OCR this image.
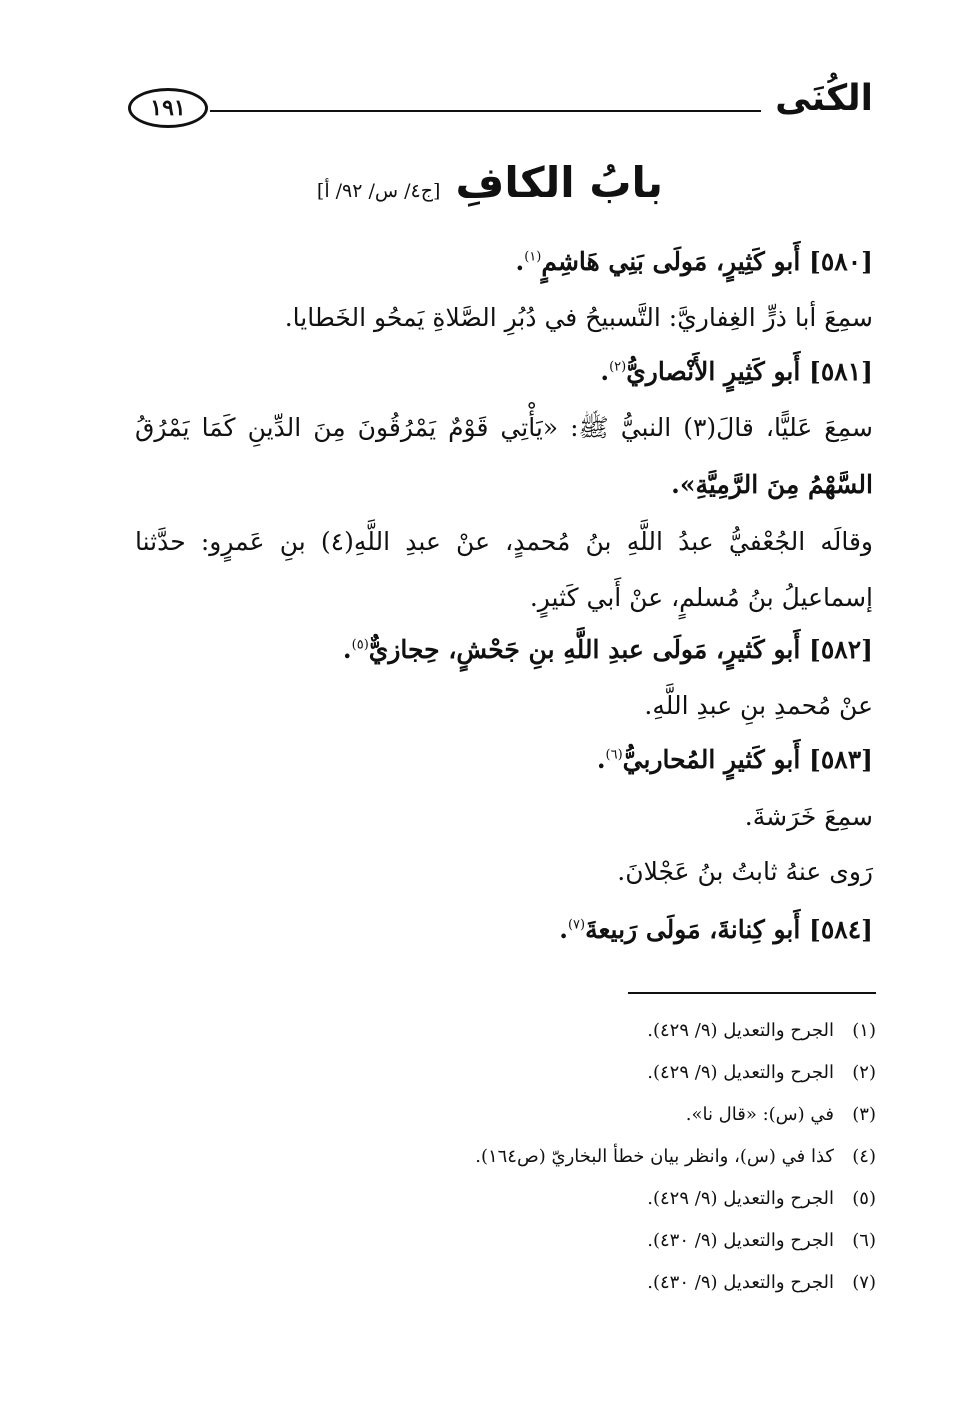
١٩١	الكُنَى
بابُ الكافِ [ج٤/ س/ ٩٢/ أ]
[٥٨٠] أَبو كَثِيرٍ، مَولَى بَنِي هَاشِمٍ$^{(١)}$.
سمِعَ أبا ذرٍّ الغِفاريَّ: التَّسبيحُ في دُبُرِ الصَّلاةِ يَمحُو الخَطايا.
[٥٨١] أَبو كَثِيرٍ الأَنْصاريُّ$^{(٢)}$.
سمِعَ عَليًّا، قالَ(٣) النبيُّ ﷺ: «يَأْتِي قَوْمٌ يَمْرُقُونَ مِنَ الدِّينِ كَمَا يَمْرُقُ
السَّهْمُ مِنَ الرَّمِيَّةِ».
وقالَه الجُعْفيُّ عبدُ اللَّهِ بنُ مُحمدٍ، عنْ عبدِ اللَّهِ(٤) بنِ عَمرٍو: حدَّثنا
إسماعيلُ بنُ مُسلمٍ، عنْ أَبي كَثيرٍ.
[٥٨٢] أَبو كَثيرٍ، مَولَى عبدِ اللَّهِ بنِ جَحْشٍ، حِجازيٌّ$^{(٥)}$.
عنْ مُحمدِ بنِ عبدِ اللَّهِ.
[٥٨٣] أَبو كَثيرٍ المُحاربيُّ$^{(٦)}$.
سمِعَ خَرَشةَ.
رَوى عنهُ ثابتُ بنُ عَجْلانَ.
[٥٨٤] أَبو كِنانةَ، مَولَى رَبيعةَ$^{(٧)}$.
(١)الجرح والتعديل (٩/ ٤٢٩).
(٢)الجرح والتعديل (٩/ ٤٢٩).
(٣)في (س): «قال نا».
(٤)كذا في (س)، وانظر بيان خطأ البخاريّ (ص١٦٤).
(٥)الجرح والتعديل (٩/ ٤٢٩).
(٦)الجرح والتعديل (٩/ ٤٣٠).
(٧)الجرح والتعديل (٩/ ٤٣٠).
